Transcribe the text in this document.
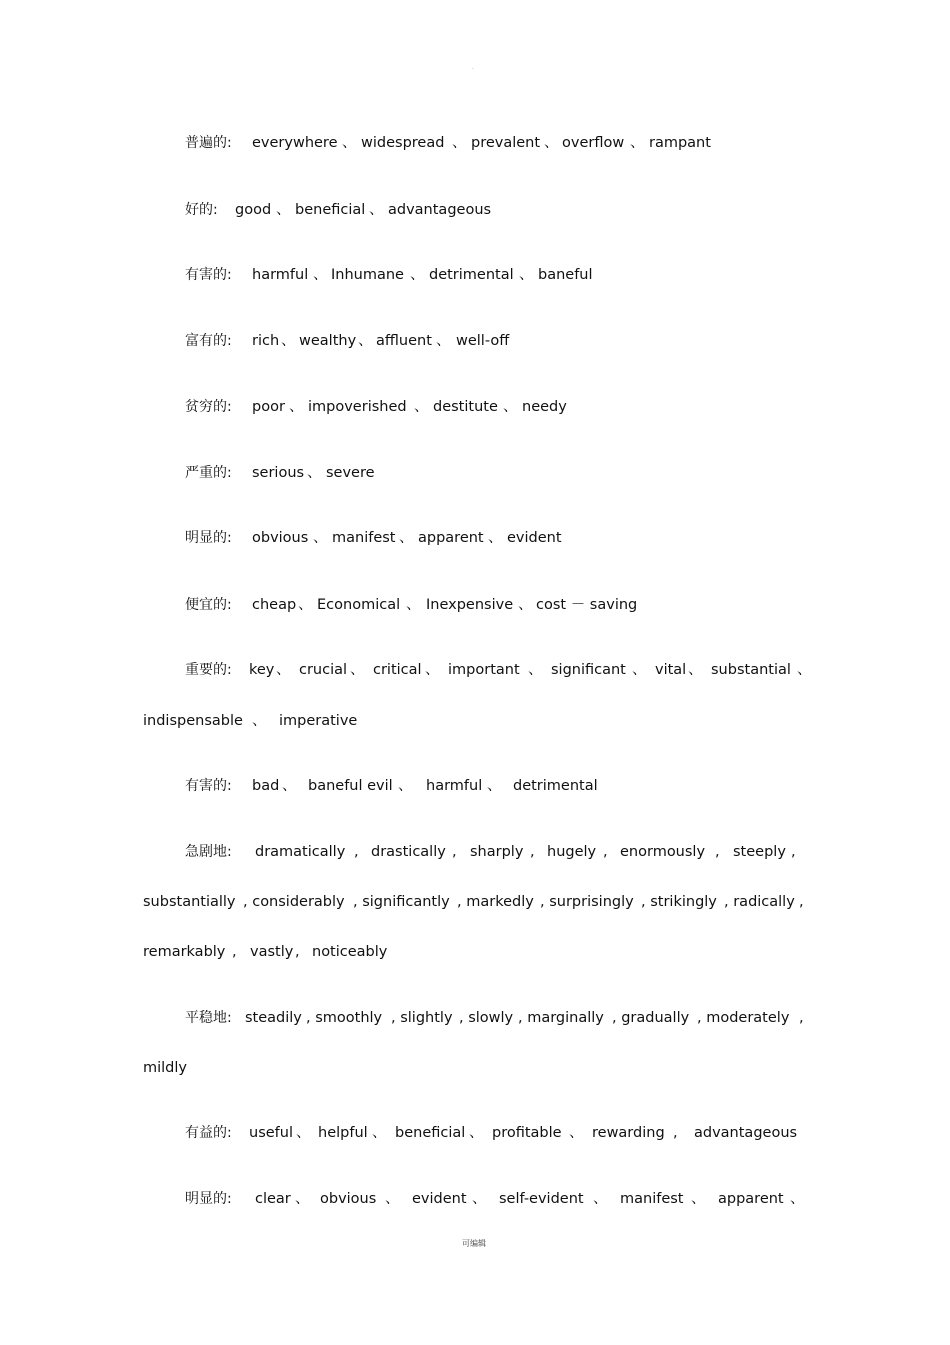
·
普遍的: everywhere 、 widespread 、 prevalent 、 overflow 、 rampant
好的: good 、 beneficial 、 advantageous
有害的: harmful 、 Inhumane 、 detrimental 、 baneful
富有的: rich 、 wealthy 、 affluent 、 well-off
贫穷的: poor 、 impoverished 、 destitute 、 needy
严重的: serious 、 severe
明显的: obvious 、 manifest 、 apparent 、 evident
便宜的: cheap 、 Economical 、 Inexpensive 、 cost － saving
重要的: key 、 crucial 、 critical 、 important 、 significant 、 vital 、 substantial 、
indispensable 、 imperative
有害的: bad 、 baneful evil 、 harmful 、 detrimental
急剧地: dramatically , drastically , sharply , hugely , enormously , steeply ,
substantially , considerably , significantly , markedly , surprisingly , strikingly , radically ,
remarkably , vastly , noticeably
平稳地: steadily , smoothly , slightly , slowly , marginally , gradually , moderately ,
mildly
有益的: useful 、 helpful 、 beneficial 、 profitable 、 rewarding , advantageous
明显的: clear 、 obvious 、 evident 、 self-evident 、 manifest 、 apparent 、
可编辑
